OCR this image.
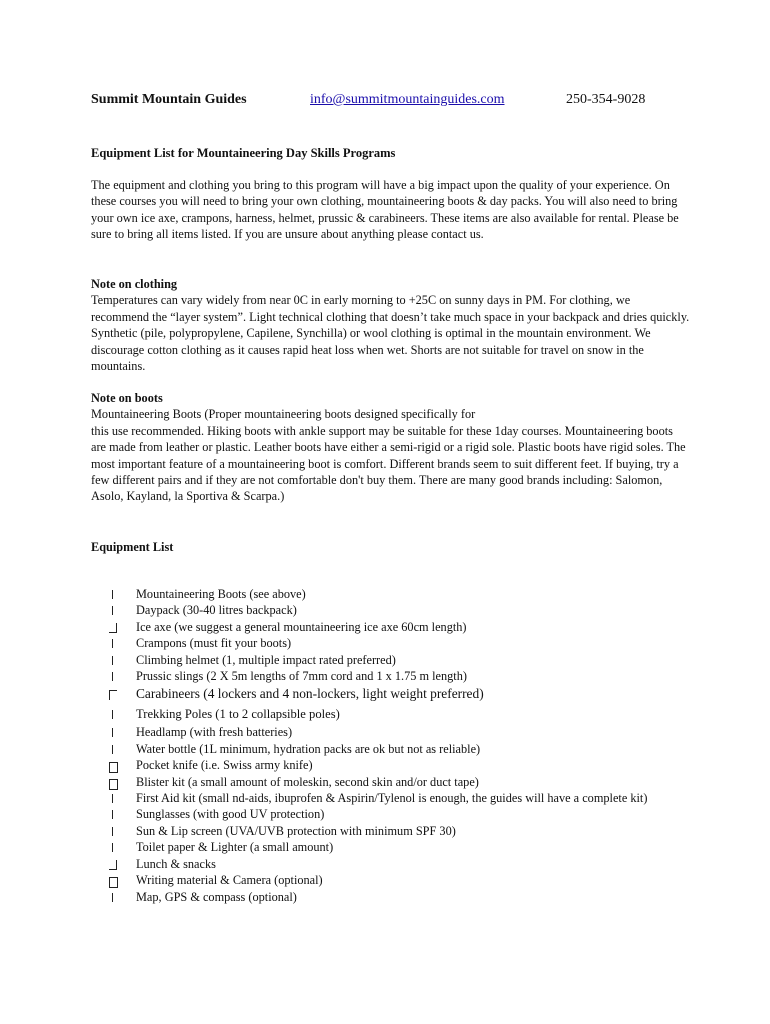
Summit Mountain Guides	info@summitmountainguides.com	250-354-9028
Equipment List for Mountaineering Day Skills Programs

The equipment and clothing you bring to this program will have a big impact upon the quality of your experience. On these courses you will need to bring your own clothing, mountaineering boots & day packs. You will also need to bring your own ice axe, crampons, harness, helmet, prussic & carabineers. These items are also available for rental. Please be sure to bring all items listed. If you are unsure about anything please contact us.

Note on clothing
Temperatures can vary widely from near 0C in early morning to +25C on sunny days in PM. For clothing, we recommend the “layer system”. Light technical clothing that doesn’t take much space in your backpack and dries quickly. Synthetic (pile, polypropylene, Capilene, Synchilla) or wool clothing is optimal in the mountain environment. We discourage cotton clothing as it causes rapid heat loss when wet. Shorts are not suitable for travel on snow in the mountains.
Note on boots
Mountaineering Boots (Proper mountaineering boots designed specifically for
this use recommended. Hiking boots with ankle support may be suitable for these 1day courses. Mountaineering boots are made from leather or plastic. Leather boots have either a semi-rigid or a rigid sole. Plastic boots have rigid soles. The most important feature of a mountaineering boot is comfort. Different brands seem to suit different feet. If buying, try a few different pairs and if they are not comfortable don't buy them. There are many good brands including: Salomon, Asolo, Kayland, la Sportiva & Scarpa.)
Equipment List
Mountaineering Boots (see above)
Daypack (30-40 litres backpack)
Ice axe (we suggest a general mountaineering ice axe 60cm length)
Crampons (must fit your boots)
Climbing helmet (1, multiple impact rated preferred)
Prussic slings (2 X 5m lengths of 7mm cord and 1 x 1.75 m length)
Carabineers (4 lockers and 4 non-lockers, light weight preferred)
Trekking Poles (1 to 2 collapsible poles)
Headlamp (with fresh batteries)
Water bottle (1L minimum, hydration packs are ok but not as reliable)
Pocket knife (i.e. Swiss army knife)
Blister kit (a small amount of moleskin, second skin and/or duct tape)
First Aid kit (small nd-aids, ibuprofen & Aspirin/Tylenol is enough, the guides will have a complete kit)
Sunglasses (with good UV protection)
Sun & Lip screen (UVA/UVB protection with minimum SPF 30)
Toilet paper & Lighter (a small amount)
Lunch & snacks
Writing material & Camera (optional)
Map, GPS & compass (optional)
